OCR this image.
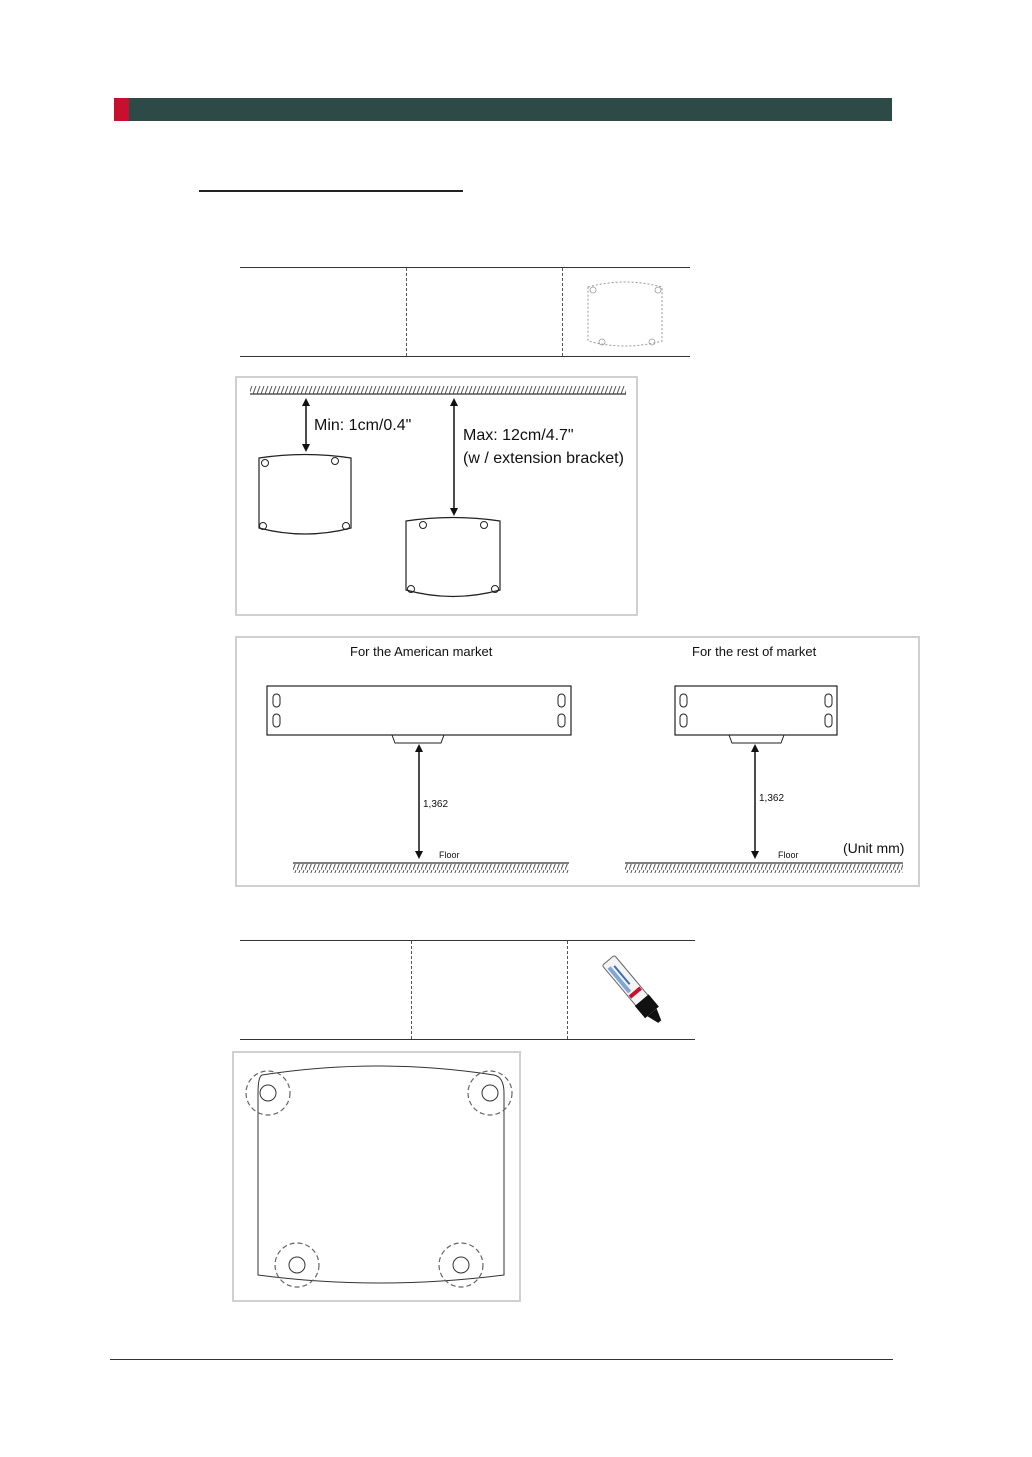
Min: 1cm/0.4"
Max: 12cm/4.7"
(w / extension bracket)
For the American market	For the rest of market
1,362
1,362
Floor	Floor	(Unit mm)
